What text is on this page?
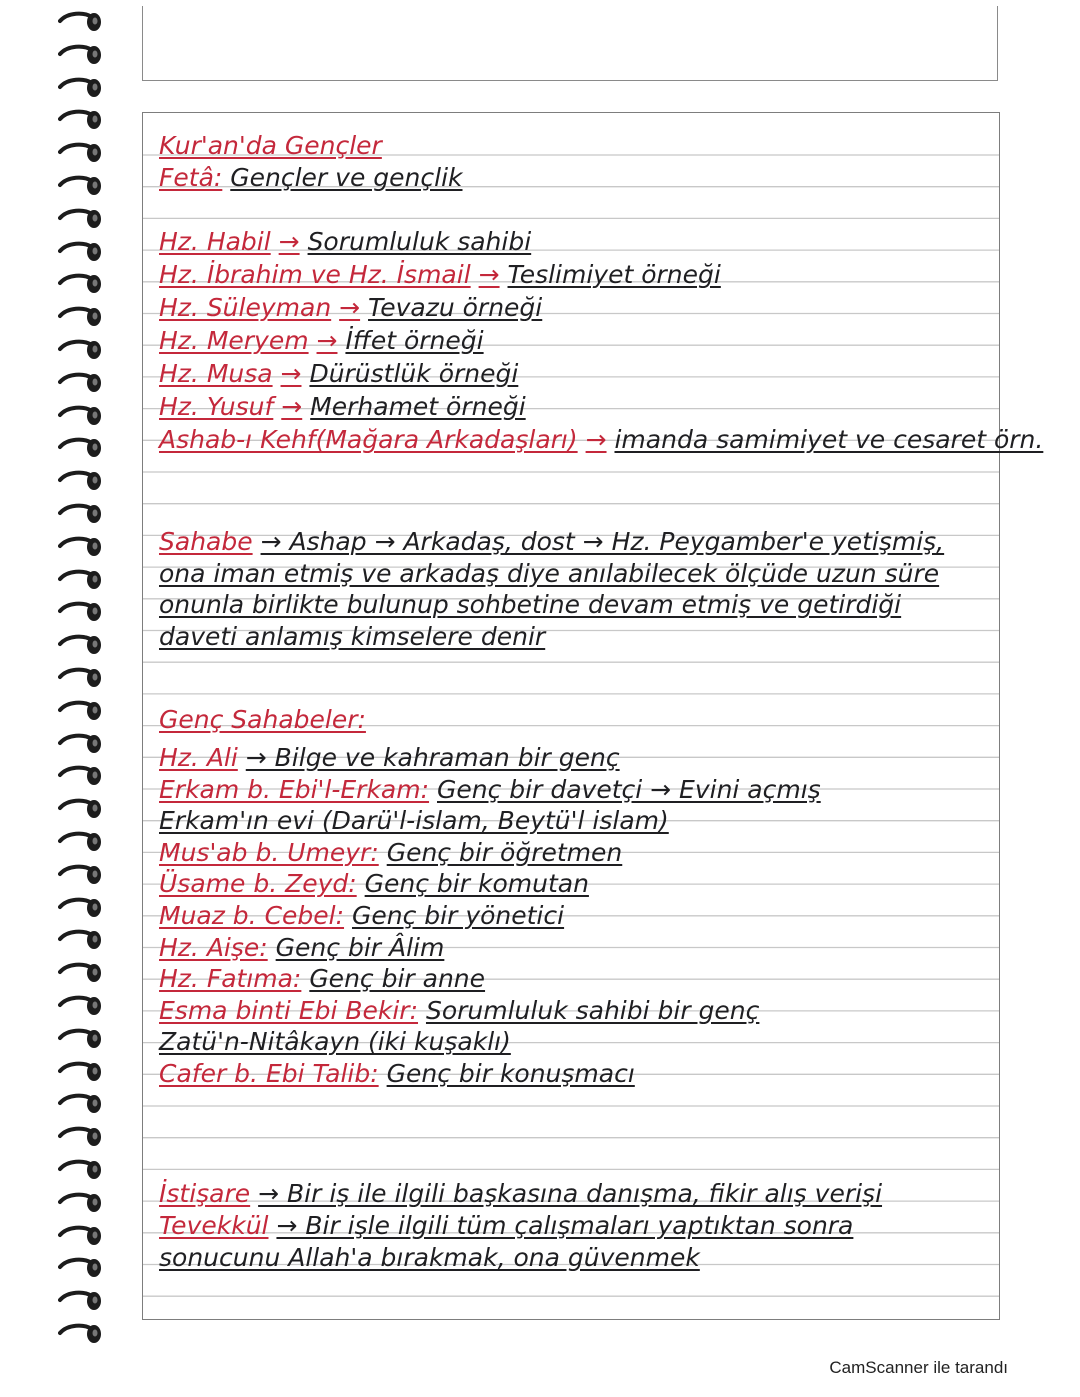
Kur'an'da Gençler
Fetâ: Gençler ve gençlik
Hz. Habil → Sorumluluk sahibi
Hz. İbrahim ve Hz. İsmail → Teslimiyet örneği
Hz. Süleyman → Tevazu örneği
Hz. Meryem → İffet örneği
Hz. Musa → Dürüstlük örneği
Hz. Yusuf → Merhamet örneği
Ashab-ı Kehf(Mağara Arkadaşları) → imanda samimiyet ve cesaret örn.
Sahabe → Ashap → Arkadaş, dost → Hz. Peygamber'e yetişmiş,
ona iman etmiş ve arkadaş diye anılabilecek ölçüde uzun süre
onunla birlikte bulunup sohbetine devam etmiş ve getirdiği
daveti anlamış kimselere denir
Genç Sahabeler:
Hz. Ali → Bilge ve kahraman bir genç
Erkam b. Ebi'l-Erkam: Genç bir davetçi → Evini açmış
Erkam'ın evi (Darü'l-islam, Beytü'l islam)
Mus'ab b. Umeyr: Genç bir öğretmen
Üsame b. Zeyd: Genç bir komutan
Muaz b. Cebel: Genç bir yönetici
Hz. Aişe: Genç bir Âlim
Hz. Fatıma: Genç bir anne
Esma binti Ebi Bekir: Sorumluluk sahibi bir genç
Zatü'n-Nitâkayn (iki kuşaklı)
Cafer b. Ebi Talib: Genç bir konuşmacı
İstişare → Bir iş ile ilgili başkasına danışma, fikir alış verişi
Tevekkül → Bir işle ilgili tüm çalışmaları yaptıktan sonra
sonucunu Allah'a bırakmak, ona güvenmek
CamScanner ile tarandı
